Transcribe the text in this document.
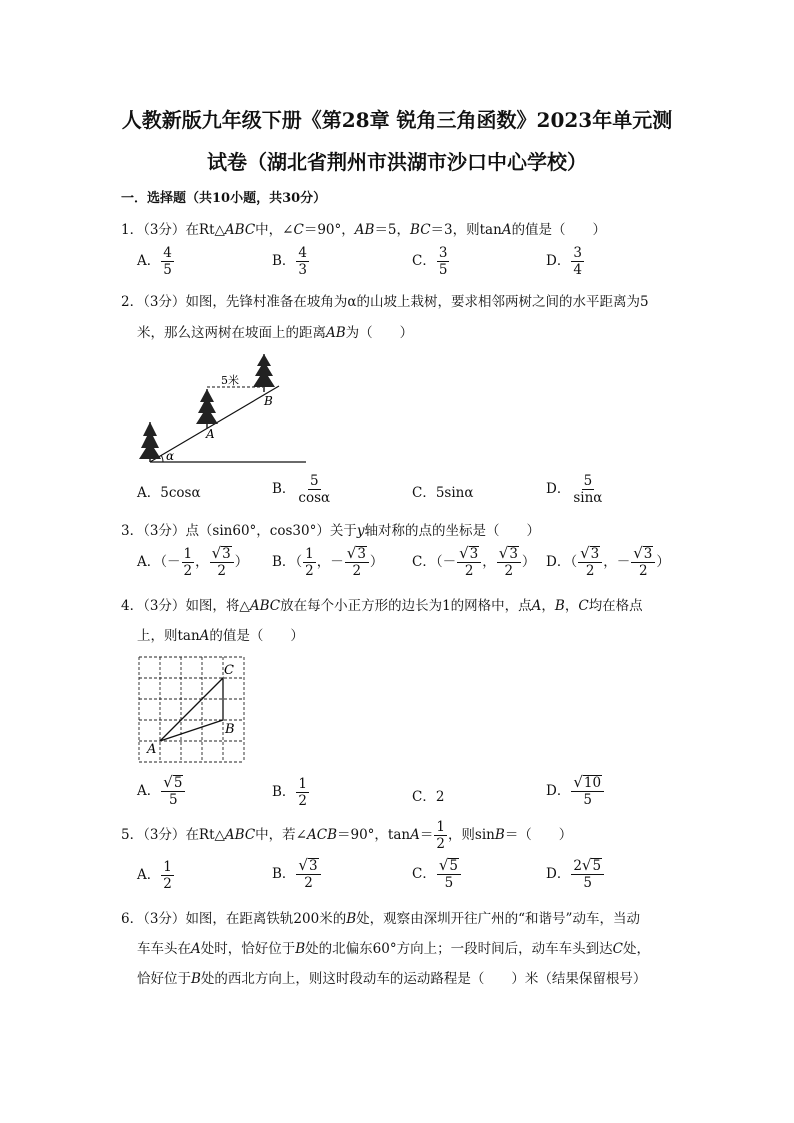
人教新版九年级下册《第28章 锐角三角函数》2023年单元测
试卷（湖北省荆州市洪湖市沙口中心学校）
一．选择题（共10小题，共30分）
1．（3分）在Rt△ABC中，∠C＝90°，AB＝5，BC＝3，则tanA的值是（　　）
A． $\frac{4}{5}$	B． $\frac{4}{3}$	C． $\frac{3}{5}$	D． $\frac{3}{4}$
2．（3分）如图，先锋村准备在坡角为α的山坡上栽树，要求相邻两树之间的水平距离为5
米，那么这两树在坡面上的距离AB为（　　）
5米
A
B
α
A．5cosα	B． $\frac{5}{\cos\alpha}$	C．5sinα	D． $\frac{5}{\sin\alpha}$
3．（3分）点（sin60°，cos30°）关于y轴对称的点的坐标是（　　）
A．（－ $\frac{1}{2}$ ， $\frac{√ 3}{2}$ ） B．（ $\frac{1}{2}$ ，－ $\frac{√ 3}{2}$ ） C．（－ $\frac{√ 3}{2}$ ， $\frac{√ 3}{2}$ ） D．（ $\frac{√ 3}{2}$ ，－ $\frac{√ 3}{2}$ ）
4．（3分）如图，将△ABC放在每个小正方形的边长为1的网格中，点A，B，C均在格点
上，则tanA的值是（　　）
A
B
C
A． $\frac{√ 5}{5}$	B． $\frac{1}{2}$	C．2	D． $\frac{√ 10}{5}$
5．（3分）在Rt△ABC中，若∠ACB＝90°，$\tan A= \frac{1}{2}$ ，则sinB＝（　　）
A． $\frac{1}{2}$	B． $\frac{√ 3}{2}$	C． $\frac{√ 5}{5}$	D． $\frac{2 √ 5}{5}$
6．（3分）如图，在距离铁轨200米的B处，观察由深圳开往广州的“和谐号”动车，当动
车车头在A处时，恰好位于B处的北偏东60°方向上；一段时间后，动车车头到达C处，
恰好位于B处的西北方向上，则这时段动车的运动路程是（　　）米（结果保留根号）
